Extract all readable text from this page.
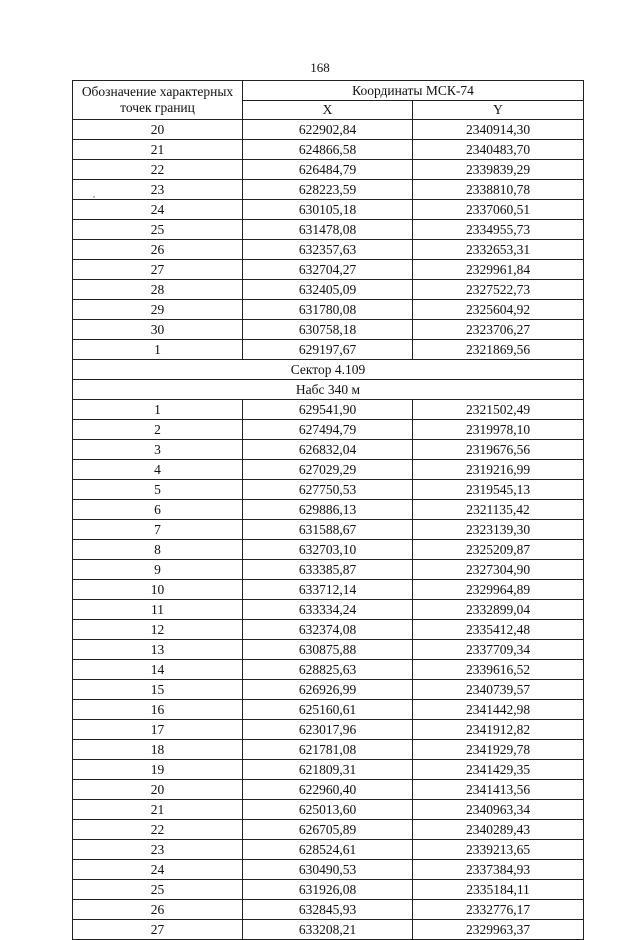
168
Обозначение характерных точек границ	Координаты МСК-74	
	X	Y
20	622902,84	2340914,30
21	624866,58	2340483,70
22	626484,79	2339839,29
23	628223,59	2338810,78
24	630105,18	2337060,51
25	631478,08	2334955,73
26	632357,63	2332653,31
27	632704,27	2329961,84
28	632405,09	2327522,73
29	631780,08	2325604,92
30	630758,18	2323706,27
1	629197,67	2321869,56
Сектор 4.109		
Набс 340 м		
1	629541,90	2321502,49
2	627494,79	2319978,10
3	626832,04	2319676,56
4	627029,29	2319216,99
5	627750,53	2319545,13
6	629886,13	2321135,42
7	631588,67	2323139,30
8	632703,10	2325209,87
9	633385,87	2327304,90
10	633712,14	2329964,89
11	633334,24	2332899,04
12	632374,08	2335412,48
13	630875,88	2337709,34
14	628825,63	2339616,52
15	626926,99	2340739,57
16	625160,61	2341442,98
17	623017,96	2341912,82
18	621781,08	2341929,78
19	621809,31	2341429,35
20	622960,40	2341413,56
21	625013,60	2340963,34
22	626705,89	2340289,43
23	628524,61	2339213,65
24	630490,53	2337384,93
25	631926,08	2335184,11
26	632845,93	2332776,17
27	633208,21	2329963,37
